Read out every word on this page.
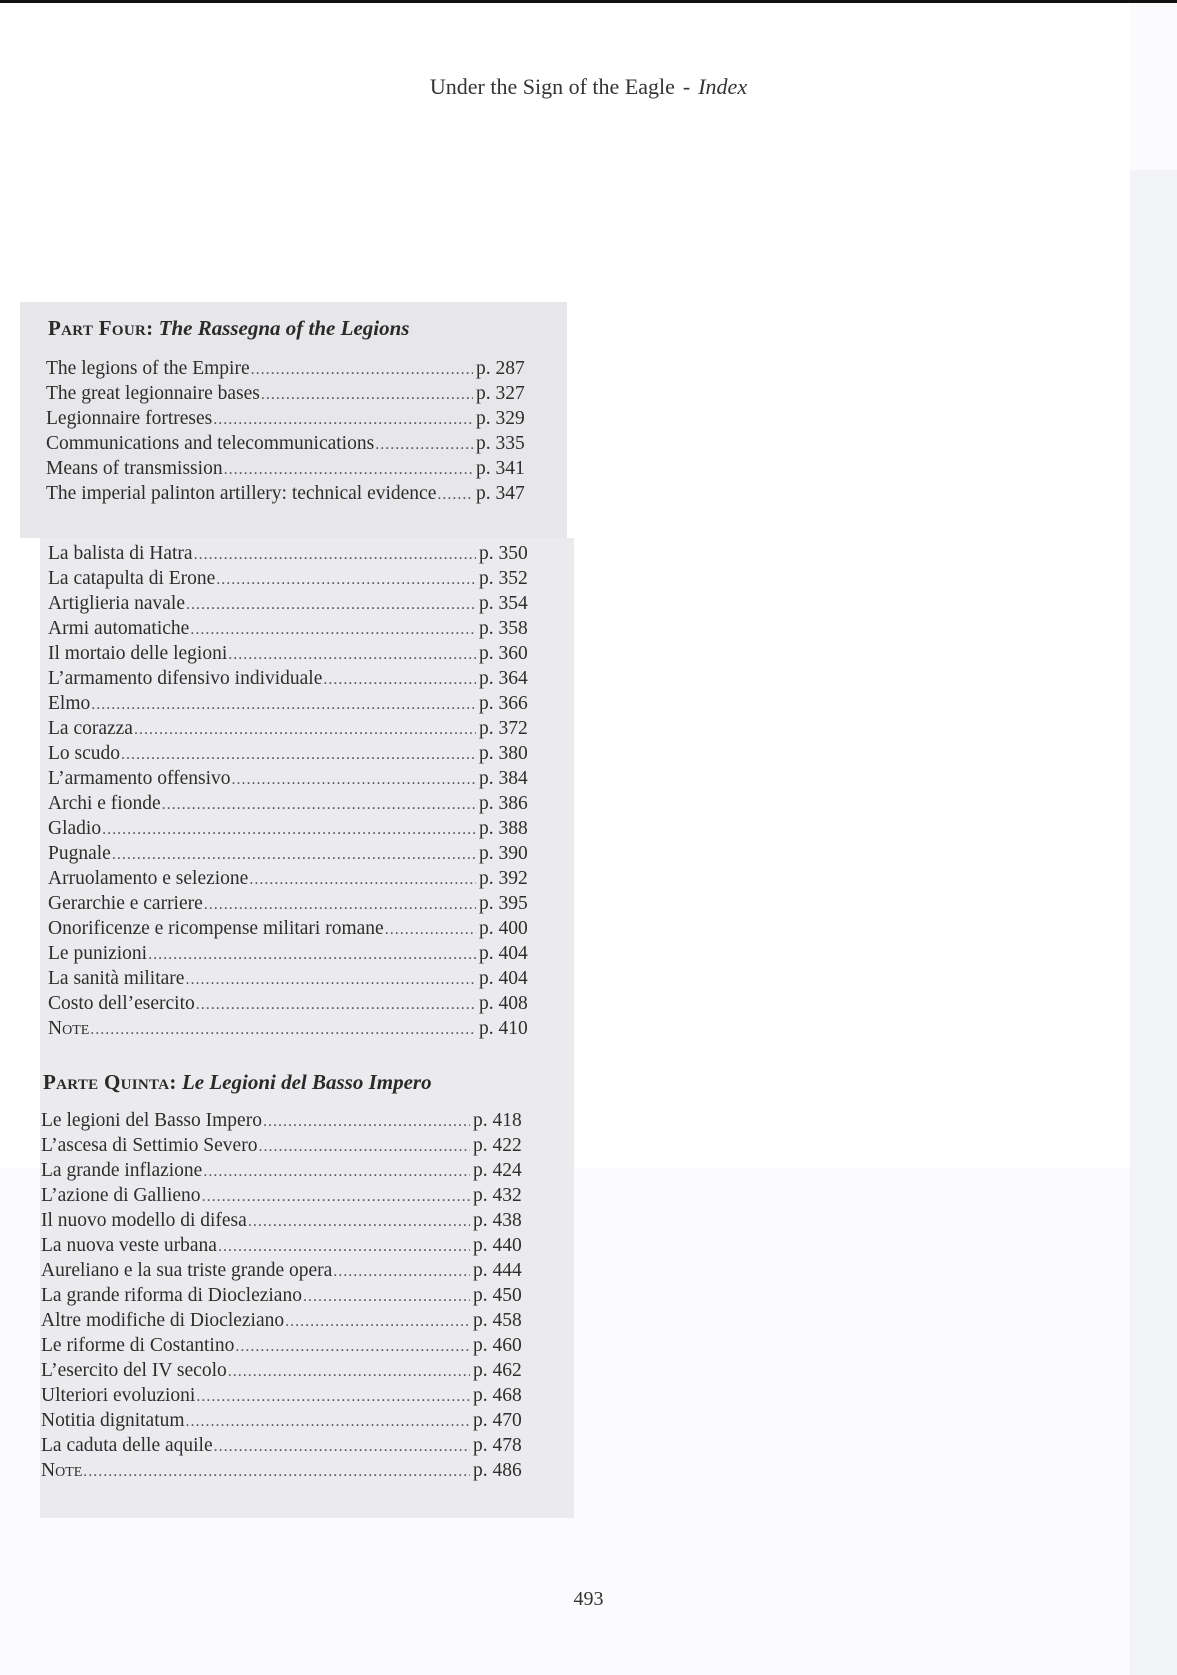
Under the Sign of the Eagle - Index
Part Four: The Rassegna of the Legions
The legions of the Empire .....	p. 287
The great legionnaire bases .....	p. 327
Legionnaire fortreses .....	p. 329
Communications and telecommunications .....	p. 335
Means of transmission .....	p. 341
The imperial palinton artillery: technical evidence ..... p. 347
La balista di Hatra .....	p. 350
La catapulta di Erone .....	p. 352
Artiglieria navale .....	p. 354
Armi automatiche .....	p. 358
Il mortaio delle legioni .....	p. 360
L’armamento difensivo individuale .....	p. 364
Elmo .....	p. 366
La corazza .....	p. 372
Lo scudo .....	p. 380
L’armamento offensivo .....	p. 384
Archi e fionde .....	p. 386
Gladio .....	p. 388
Pugnale .....	p. 390
Arruolamento e selezione .....	p. 392
Gerarchie e carriere .....	p. 395
Onorificenze e ricompense militari romane .....	p. 400
Le punizioni .....	p. 404
La sanità militare .....	p. 404
Costo dell’esercito .....	p. 408
Note .....	p. 410
Parte Quinta: Le Legioni del Basso Impero
Le legioni del Basso Impero .....	p. 418
L’ascesa di Settimio Severo .....	p. 422
La grande inflazione .....	p. 424
L’azione di Gallieno .....	p. 432
Il nuovo modello di difesa .....	p. 438
La nuova veste urbana .....	p. 440
Aureliano e la sua triste grande opera .....	p. 444
La grande riforma di Diocleziano .....	p. 450
Altre modifiche di Diocleziano .....	p. 458
Le riforme di Costantino .....	p. 460
L’esercito del IV secolo .....	p. 462
Ulteriori evoluzioni .....	p. 468
Notitia dignitatum .....	p. 470
La caduta delle aquile .....	p. 478
Note .....	p. 486
493
